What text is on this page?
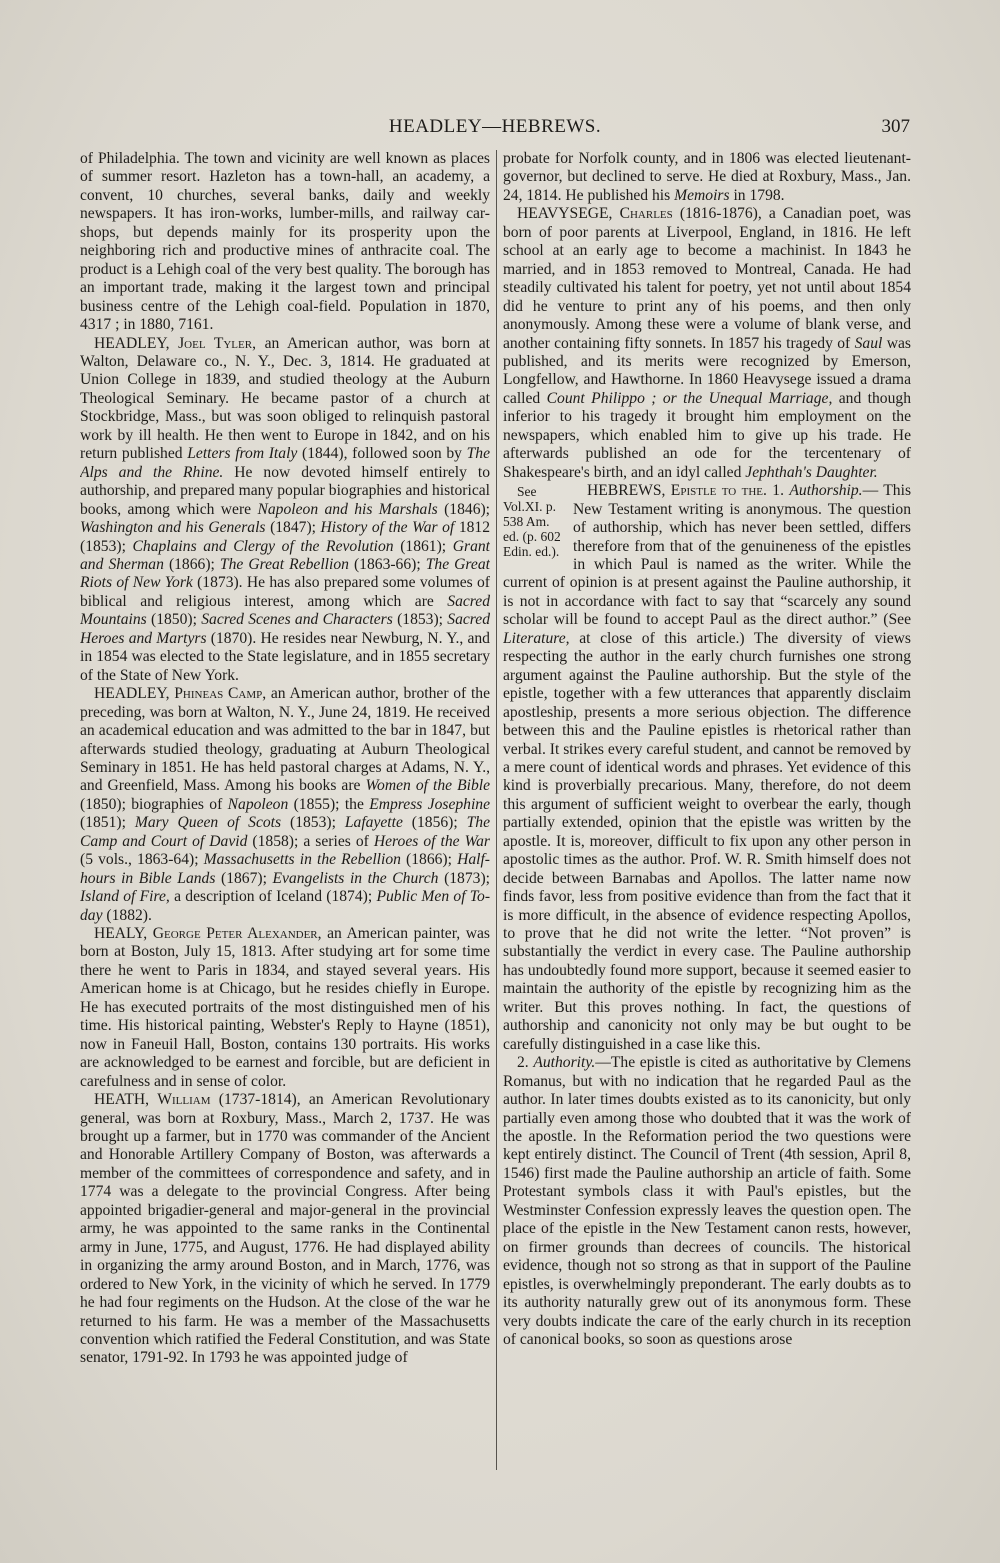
HEADLEY—HEBREWS.	307

of Philadelphia. The town and vicinity are well known as places of summer resort. Hazleton has a town-hall, an academy, a convent, 10 churches, several banks, daily and weekly newspapers. It has iron-works, lumber-mills, and railway car-shops, but depends mainly for its prosperity upon the neighboring rich and productive mines of anthracite coal. The product is a Lehigh coal of the very best quality. The borough has an important trade, making it the largest town and principal business centre of the Lehigh coal-field. Population in 1870, 4317 ; in 1880, 7161.

HEADLEY, Joel Tyler, an American author, was born at Walton, Delaware co., N. Y., Dec. 3, 1814. He graduated at Union College in 1839, and studied theology at the Auburn Theological Seminary. He became pastor of a church at Stockbridge, Mass., but was soon obliged to relinquish pastoral work by ill health. He then went to Europe in 1842, and on his return published Letters from Italy (1844), followed soon by The Alps and the Rhine. He now devoted himself entirely to authorship, and prepared many popular biographies and historical books, among which were Napoleon and his Marshals (1846); Washington and his Generals (1847); History of the War of 1812 (1853); Chaplains and Clergy of the Revolution (1861); Grant and Sherman (1866); The Great Rebellion (1863-66); The Great Riots of New York (1873). He has also prepared some volumes of biblical and religious interest, among which are Sacred Mountains (1850); Sacred Scenes and Characters (1853); Sacred Heroes and Martyrs (1870). He resides near Newburg, N. Y., and in 1854 was elected to the State legislature, and in 1855 secretary of the State of New York.

HEADLEY, Phineas Camp, an American author, brother of the preceding, was born at Walton, N. Y., June 24, 1819. He received an academical education and was admitted to the bar in 1847, but afterwards studied theology, graduating at Auburn Theological Seminary in 1851. He has held pastoral charges at Adams, N. Y., and Greenfield, Mass. Among his books are Women of the Bible (1850); biographies of Napoleon (1855); the Empress Josephine (1851); Mary Queen of Scots (1853); Lafayette (1856); The Camp and Court of David (1858); a series of Heroes of the War (5 vols., 1863-64); Massachusetts in the Rebellion (1866); Half-hours in Bible Lands (1867); Evangelists in the Church (1873); Island of Fire, a description of Iceland (1874); Public Men of To-day (1882).

HEALY, George Peter Alexander, an American painter, was born at Boston, July 15, 1813. After studying art for some time there he went to Paris in 1834, and stayed several years. His American home is at Chicago, but he resides chiefly in Europe. He has executed portraits of the most distinguished men of his time. His historical painting, Webster's Reply to Hayne (1851), now in Faneuil Hall, Boston, contains 130 portraits. His works are acknowledged to be earnest and forcible, but are deficient in carefulness and in sense of color.

HEATH, William (1737-1814), an American Revolutionary general, was born at Roxbury, Mass., March 2, 1737. He was brought up a farmer, but in 1770 was commander of the Ancient and Honorable Artillery Company of Boston, was afterwards a member of the committees of correspondence and safety, and in 1774 was a delegate to the provincial Congress. After being appointed brigadier-general and major-general in the provincial army, he was appointed to the same ranks in the Continental army in June, 1775, and August, 1776. He had displayed ability in organizing the army around Boston, and in March, 1776, was ordered to New York, in the vicinity of which he served. In 1779 he had four regiments on the Hudson. At the close of the war he returned to his farm. He was a member of the Massachusetts convention which ratified the Federal Constitution, and was State senator, 1791-92. In 1793 he was appointed judge of

probate for Norfolk county, and in 1806 was elected lieutenant-governor, but declined to serve. He died at Roxbury, Mass., Jan. 24, 1814. He published his Memoirs in 1798.

HEAVYSEGE, Charles (1816-1876), a Canadian poet, was born of poor parents at Liverpool, England, in 1816. He left school at an early age to become a machinist. In 1843 he married, and in 1853 removed to Montreal, Canada. He had steadily cultivated his talent for poetry, yet not until about 1854 did he venture to print any of his poems, and then only anonymously. Among these were a volume of blank verse, and another containing fifty sonnets. In 1857 his tragedy of Saul was published, and its merits were recognized by Emerson, Longfellow, and Hawthorne. In 1860 Heavysege issued a drama called Count Philippo ; or the Unequal Marriage, and though inferior to his tragedy it brought him employment on the newspapers, which enabled him to give up his trade. He afterwards published an ode for the tercentenary of Shakespeare's birth, and an idyl called Jephthah's Daughter.

HEBREWS, Epistle to the. 1. Authorship.
See Vol.XI. p. 538 Am. ed. (p. 602 Edin. ed.).
— This New Testament writing is anonymous. The question of authorship, which has never been settled, differs therefore from that of the genuineness of the epistles in which Paul is named as the writer. While the current of opinion is at present against the Pauline authorship, it is not in accordance with fact to say that “scarcely any sound scholar will be found to accept Paul as the direct author.” (See Literature, at close of this article.) The diversity of views respecting the author in the early church furnishes one strong argument against the Pauline authorship. But the style of the epistle, together with a few utterances that apparently disclaim apostleship, presents a more serious objection. The difference between this and the Pauline epistles is rhetorical rather than verbal. It strikes every careful student, and cannot be removed by a mere count of identical words and phrases. Yet evidence of this kind is proverbially precarious. Many, therefore, do not deem this argument of sufficient weight to overbear the early, though partially extended, opinion that the epistle was written by the apostle. It is, moreover, difficult to fix upon any other person in apostolic times as the author. Prof. W. R. Smith himself does not decide between Barnabas and Apollos. The latter name now finds favor, less from positive evidence than from the fact that it is more difficult, in the absence of evidence respecting Apollos, to prove that he did not write the letter. “Not proven” is substantially the verdict in every case. The Pauline authorship has undoubtedly found more support, because it seemed easier to maintain the authority of the epistle by recognizing him as the writer. But this proves nothing. In fact, the questions of authorship and canonicity not only may be but ought to be carefully distinguished in a case like this.

2. Authority.—The epistle is cited as authoritative by Clemens Romanus, but with no indication that he regarded Paul as the author. In later times doubts existed as to its canonicity, but only partially even among those who doubted that it was the work of the apostle. In the Reformation period the two questions were kept entirely distinct. The Council of Trent (4th session, April 8, 1546) first made the Pauline authorship an article of faith. Some Protestant symbols class it with Paul's epistles, but the Westminster Confession expressly leaves the question open. The place of the epistle in the New Testament canon rests, however, on firmer grounds than decrees of councils. The historical evidence, though not so strong as that in support of the Pauline epistles, is overwhelmingly preponderant. The early doubts as to its authority naturally grew out of its anonymous form. These very doubts indicate the care of the early church in its reception of canonical books, so soon as questions arose
